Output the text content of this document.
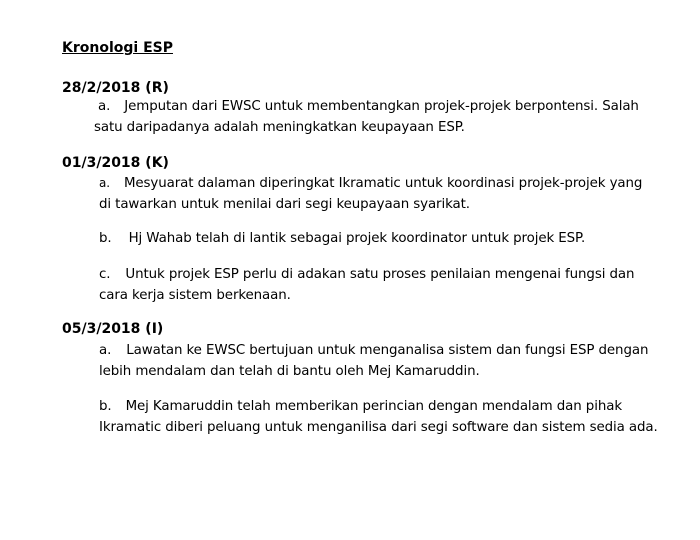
Kronologi ESP
28/2/2018 (R)
a. Jemputan dari EWSC untuk membentangkan projek-projek berpontensi. Salah
satu daripadanya adalah meningkatkan keupayaan ESP.
01/3/2018 (K)
a. Mesyuarat dalaman diperingkat Ikramatic untuk koordinasi projek-projek yang
di tawarkan untuk menilai dari segi keupayaan syarikat.
b. Hj Wahab telah di lantik sebagai projek koordinator untuk projek ESP.
c. Untuk projek ESP perlu di adakan satu proses penilaian mengenai fungsi dan
cara kerja sistem berkenaan.
05/3/2018 (I)
a. Lawatan ke EWSC bertujuan untuk menganalisa sistem dan fungsi ESP dengan
lebih mendalam dan telah di bantu oleh Mej Kamaruddin.
b. Mej Kamaruddin telah memberikan perincian dengan mendalam dan pihak
Ikramatic diberi peluang untuk menganilisa dari segi software dan sistem sedia ada.
